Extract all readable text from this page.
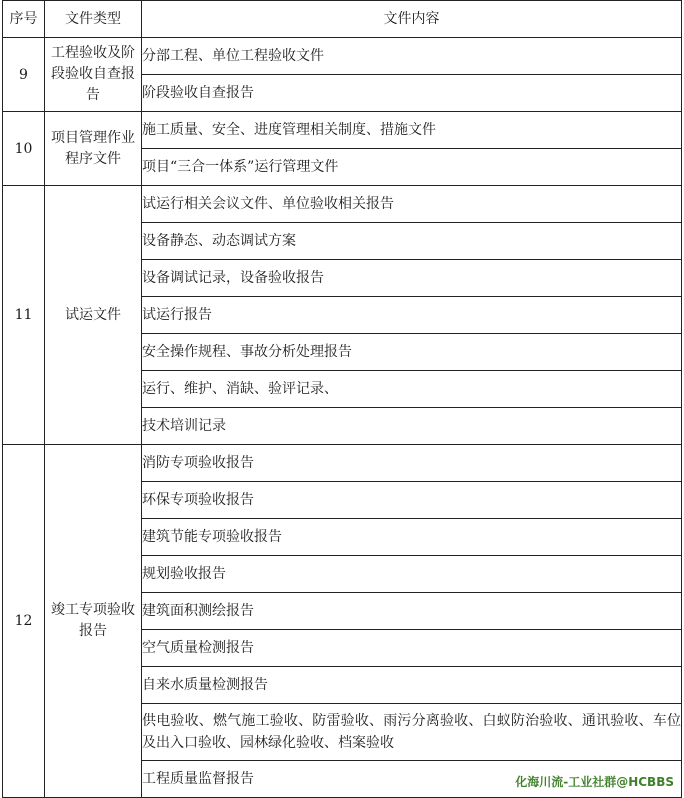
序号	文件类型	文件内容
9	工程验收及阶段验收自查报告	分部工程、单位工程验收文件
		阶段验收自查报告
10	项目管理作业程序文件	施工质量、安全、进度管理相关制度、措施文件
		项目“三合一体系”运行管理文件
11	试运文件	试运行相关会议文件、单位验收相关报告
		设备静态、动态调试方案
		设备调试记录，设备验收报告
		试运行报告
		安全操作规程、事故分析处理报告
		运行、维护、消缺、验评记录、
		技术培训记录
12	竣工专项验收报告	消防专项验收报告
		环保专项验收报告
		建筑节能专项验收报告
		规划验收报告
		建筑面积测绘报告
		空气质量检测报告
		自来水质量检测报告
		供电验收、燃气施工验收、防雷验收、雨污分离验收、白蚁防治验收、通讯验收、车位及出入口验收、园林绿化验收、档案验收
		工程质量监督报告	化海川流-工业社群@HCBBS
